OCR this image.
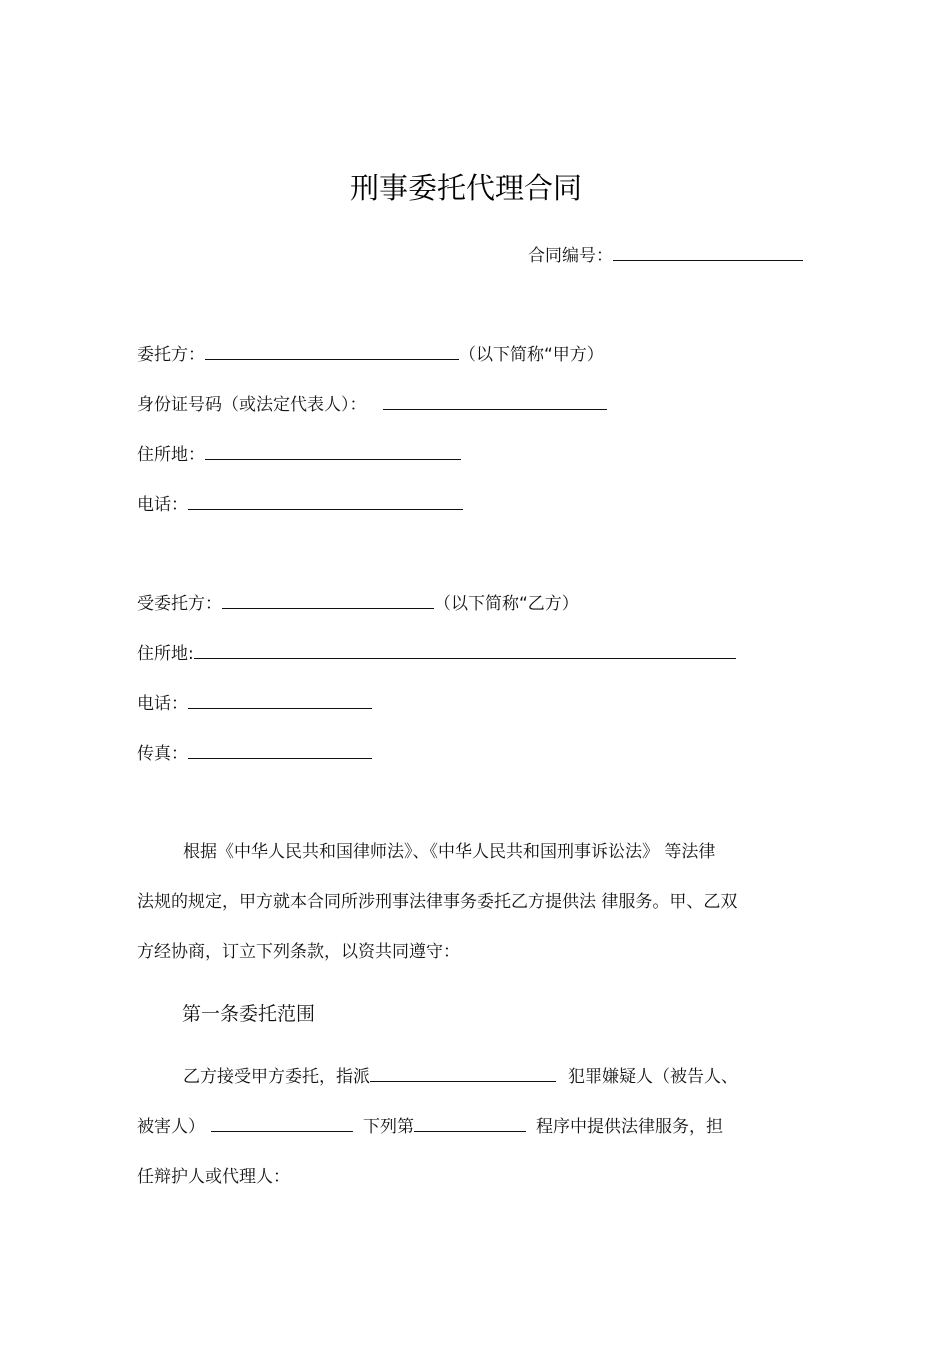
刑事委托代理合同
合同编号：
委托方：	（以下简称“甲方）
身份证号码（或法定代表人）：
住所地：
电话：
受委托方：	（以下简称“乙方）
住所地:
电话：
传真：
根据《中华人民共和国律师法》、《中华人民共和国刑事诉讼法》 等法律
法规的规定，甲方就本合同所涉刑事法律事务委托乙方提供法 律服务。甲、乙双
方经协商，订立下列条款，以资共同遵守：
第一条委托范围
乙方接受甲方委托，指派	犯罪嫌疑人（被告人、
被害人）	下列第	程序中提供法律服务，担
任辩护人或代理人：
